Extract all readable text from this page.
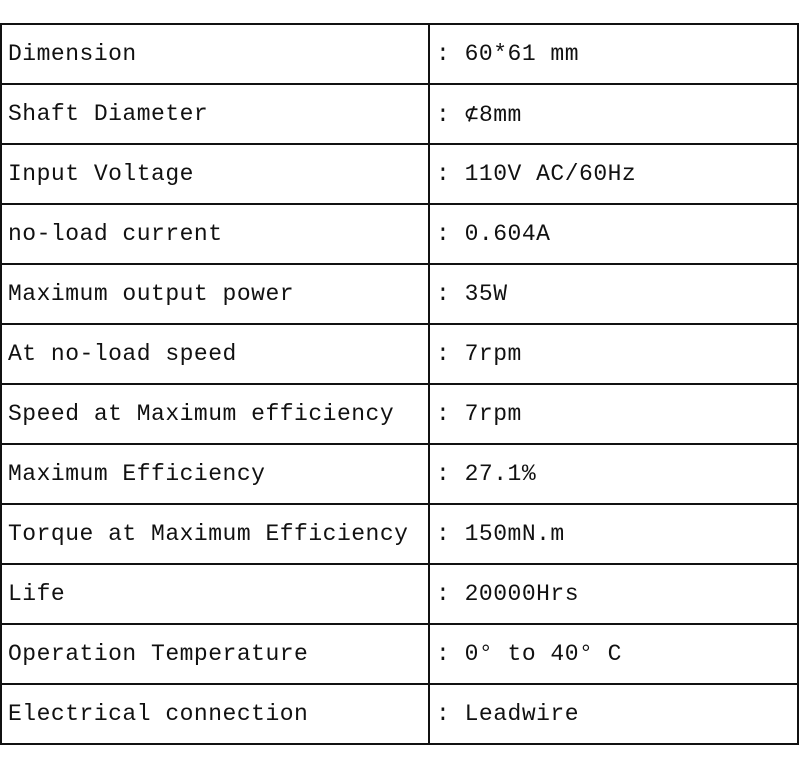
Dimension	: 60*61 mm
Shaft Diameter	: ⊄8mm
Input Voltage	: 110V AC/60Hz
no-load current	: 0.604A
Maximum output power	: 35W
At no-load speed	: 7rpm
Speed at Maximum efficiency	: 7rpm
Maximum Efficiency	: 27.1%
Torque at Maximum Efficiency	: 150mN.m
Life	: 20000Hrs
Operation Temperature	: 0° to 40° C
Electrical connection	: Leadwire
